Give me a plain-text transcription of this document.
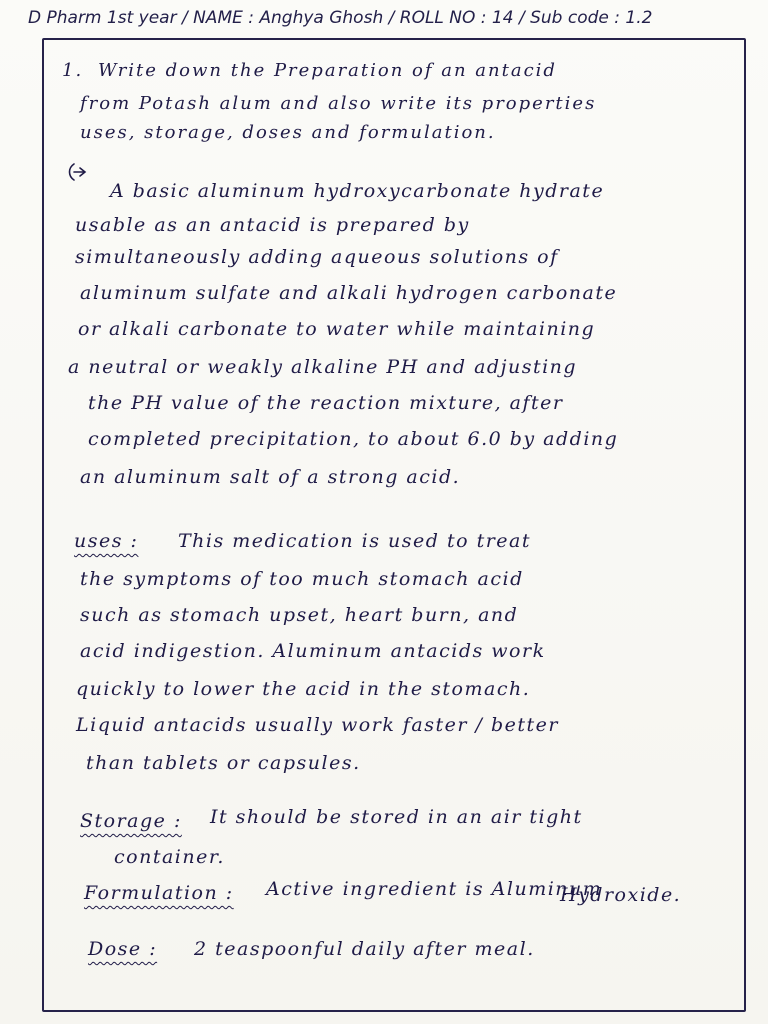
D Pharm 1st year / NAME : Anghya Ghosh / ROLL NO : 14 / Sub code : 1.2
1. Write down the Preparation of an antacid
from Potash alum and also write its properties
uses, storage, doses and formulation.
A basic aluminum hydroxycarbonate hydrate
usable as an antacid is prepared by
simultaneously adding aqueous solutions of
aluminum sulfate and alkali hydrogen carbonate
or alkali carbonate to water while maintaining
a neutral or weakly alkaline PH and adjusting
the PH value of the reaction mixture, after
completed precipitation, to about 6.0 by adding
an aluminum salt of a strong acid.
uses : This medication is used to treat
the symptoms of too much stomach acid
such as stomach upset, heart burn, and
acid indigestion. Aluminum antacids work
quickly to lower the acid in the stomach.
Liquid antacids usually work faster / better
than tablets or capsules.
Storage : It should be stored in an air tight
container.
Formulation : Active ingredient is Aluminum
Hydroxide.
Dose : 2 teaspoonful daily after meal.
